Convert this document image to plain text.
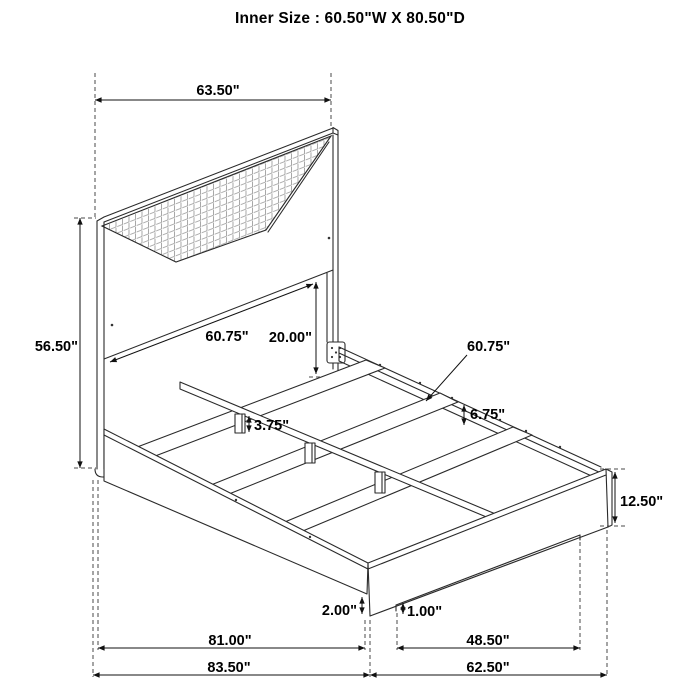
Inner Size : 60.50"W X 80.50"D
63.50"
56.50"
60.75" 20.00"
3.75"
60.75"
6.75"
12.50"
2.00"	1.00"
81.00"	48.50"
83.50"	62.50"
